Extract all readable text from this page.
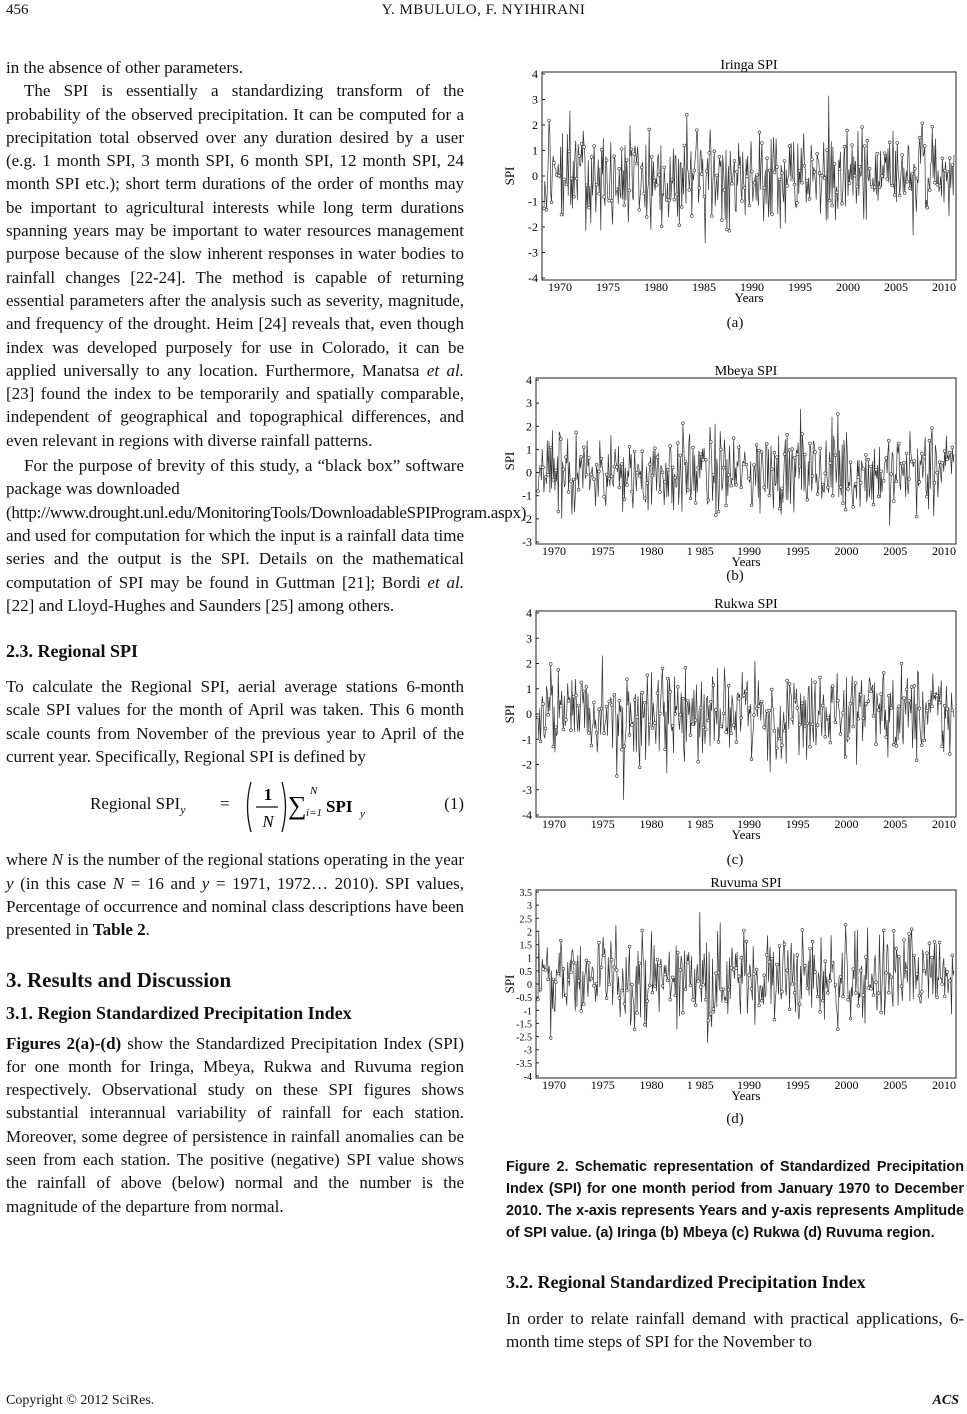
456	Y. MBULULO, F. NYIHIRANI

in the absence of other parameters.

The SPI is essentially a standardizing transform of the probability of the observed precipitation. It can be computed for a precipitation total observed over any duration desired by a user (e.g. 1 month SPI, 3 month SPI, 6 month SPI, 12 month SPI, 24 month SPI etc.); short term durations of the order of months may be important to agricultural interests while long term durations spanning years may be important to water resources management purpose because of the slow inherent responses in water bodies to rainfall changes [22-24]. The method is capable of returning essential parameters after the analysis such as severity, magnitude, and frequency of the drought. Heim [24] reveals that, even though index was developed purposely for use in Colorado, it can be applied universally to any location. Furthermore, Manatsa et al. [23] found the index to be temporarily and spatially comparable, independent of geographical and topographical differences, and even relevant in regions with diverse rainfall patterns.

For the purpose of brevity of this study, a “black box” software package was downloaded
(http://www.drought.unl.edu/MonitoringTools/DownloadableSPIProgram.aspx) and used for computation for which the input is a rainfall data time series and the output is the SPI. Details on the mathematical computation of SPI may be found in Guttman [21]; Bordi et al. [22] and Lloyd-Hughes and Saunders [25] among others.

2.3. Regional SPI

To calculate the Regional SPI, aerial average stations 6-month scale SPI values for the month of April was taken. This 6 month scale counts from November of the previous year to April of the current year. Specifically, Regional SPI is defined by

Regional $SPI_y = 1$
N
∑ N
i=1 SPI y
(1)

where N is the number of the regional stations operating in the year y (in this case N = 16 and y = 1971, 1972… 2010). SPI values, Percentage of occurrence and nominal class descriptions have been presented in Table 2.

3. Results and Discussion
3.1. Region Standardized Precipitation Index

Figures 2(a)-(d) show the Standardized Precipitation Index (SPI) for one month for Iringa, Mbeya, Rukwa and Ruvuma region respectively. Observational study on these SPI figures shows substantial interannual variability of rainfall for each station. Moreover, some degree of persistence in rainfall anomalies can be seen from each station. The positive (negative) SPI value shows the rainfall of above (below) normal and the number is the magnitude of the departure from normal.

Iringa SPI
SPI
4
3
2
1
0
-1
-2
-3
-4
1970 1975 1980 1985 1990 1995 2000 2005 2010
Years
(a)
Mbeya SPI
SPI
4
3
2
1
0
-1
-2
-3
1970 1975 1980 1 985 1990 1995 2000 2005 2010
Years
(b)
Rukwa SPI
SPI
4
3
2
1
0
-1
-2
-3
-4
1970 1975 1980 1 985 1990 1995 2000 2005 2010
Years
(c)
Ruvuma SPI
SPI
3.5
3
2.5
2
1.5
1
0.5
0
-0.5
-1
-1.5
-2.5
-3
-3.5
-4
1970 1975 1980 1 985 1990 1995 2000 2005 2010
Years
(d)

Figure 2. Schematic representation of Standardized Precipitation Index (SPI) for one month period from January 1970 to December 2010. The x-axis represents Years and y-axis represents Amplitude of SPI value. (a) Iringa (b) Mbeya (c) Rukwa (d) Ruvuma region.

3.2. Regional Standardized Precipitation Index

In order to relate rainfall demand with practical applications, 6-month time steps of SPI for the November to

Copyright © 2012 SciRes.	ACS
